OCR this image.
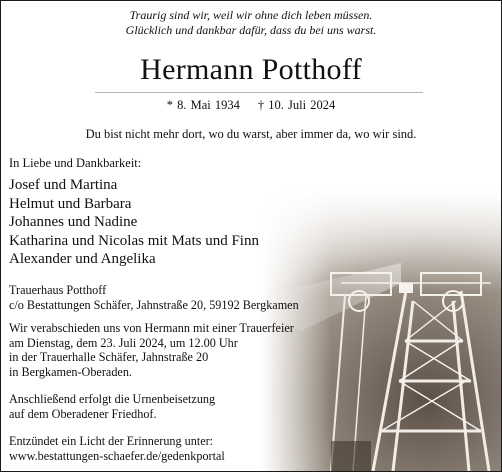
Traurig sind wir, weil wir ohne dich leben müssen.
Glücklich und dankbar dafür, dass du bei uns warst.

Hermann Potthoff
* 8. Mai 1934 † 10. Juli 2024
Du bist nicht mehr dort, wo du warst, aber immer da, wo wir sind.
In Liebe und Dankbarkeit:
Josef und Martina
Helmut und Barbara
Johannes und Nadine
Katharina und Nicolas mit Mats und Finn
Alexander und Angelika
Trauerhaus Potthoff
c/o Bestattungen Schäfer, Jahnstraße 20, 59192 Bergkamen
Wir verabschieden uns von Hermann mit einer Trauerfeier
am Dienstag, dem 23. Juli 2024, um 12.00 Uhr
in der Trauerhalle Schäfer, Jahnstraße 20
in Bergkamen-Oberaden.
Anschließend erfolgt die Urnenbeisetzung
auf dem Oberadener Friedhof.
Entzündet ein Licht der Erinnerung unter:
www.bestattungen-schaefer.de/gedenkportal
